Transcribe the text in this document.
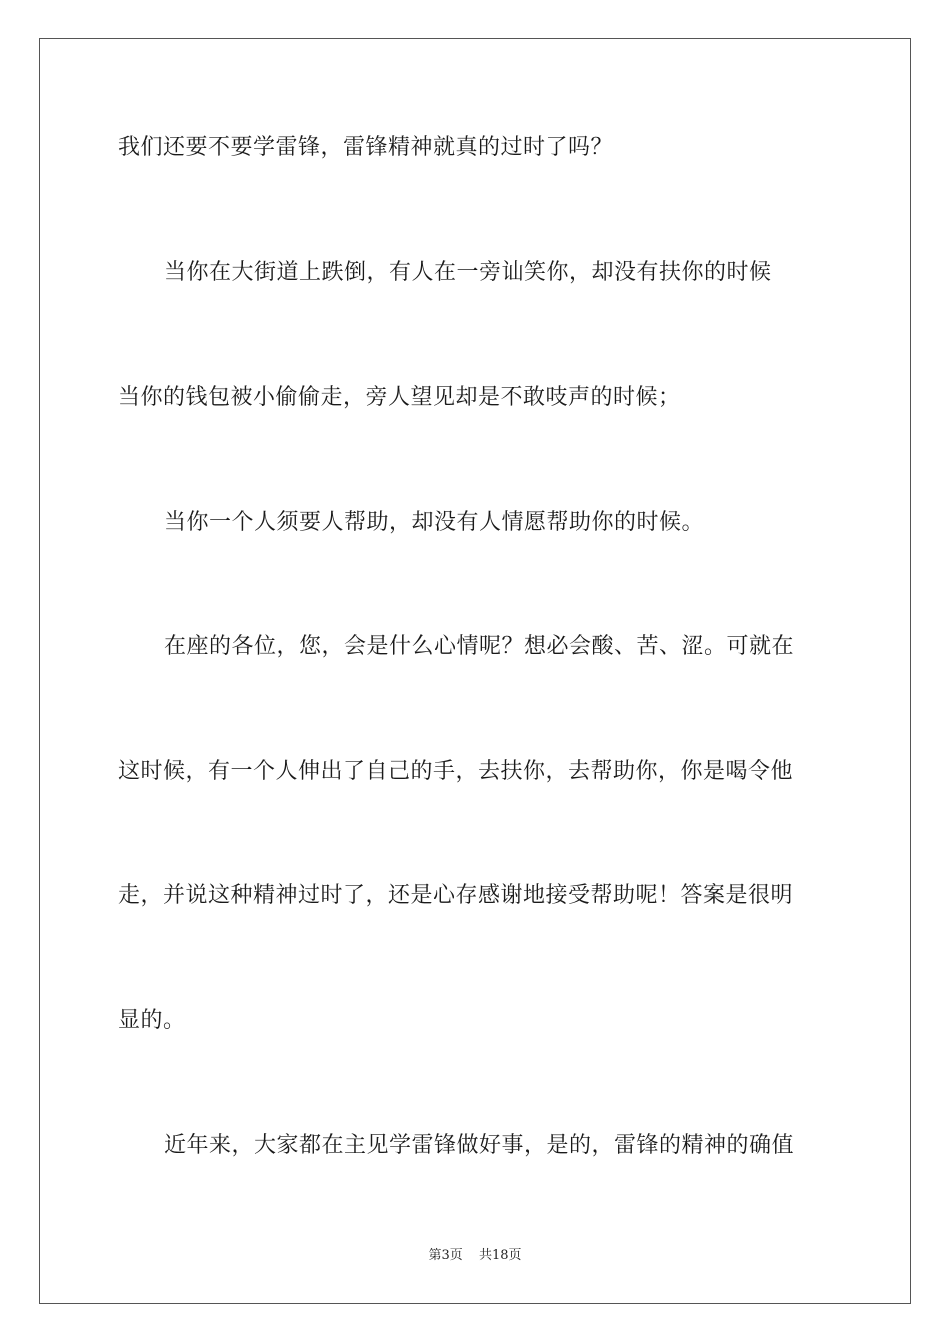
我们还要不要学雷锋，雷锋精神就真的过时了吗？
当你在大街道上跌倒，有人在一旁讪笑你，却没有扶你的时候
当你的钱包被小偷偷走，旁人望见却是不敢吱声的时候；
当你一个人须要人帮助，却没有人情愿帮助你的时候。
在座的各位，您，会是什么心情呢？想必会酸、苦、涩。可就在
这时候，有一个人伸出了自己的手，去扶你，去帮助你，你是喝令他
走，并说这种精神过时了，还是心存感谢地接受帮助呢！答案是很明
显的。
近年来，大家都在主见学雷锋做好事，是的，雷锋的精神的确值
第3页 共18页
